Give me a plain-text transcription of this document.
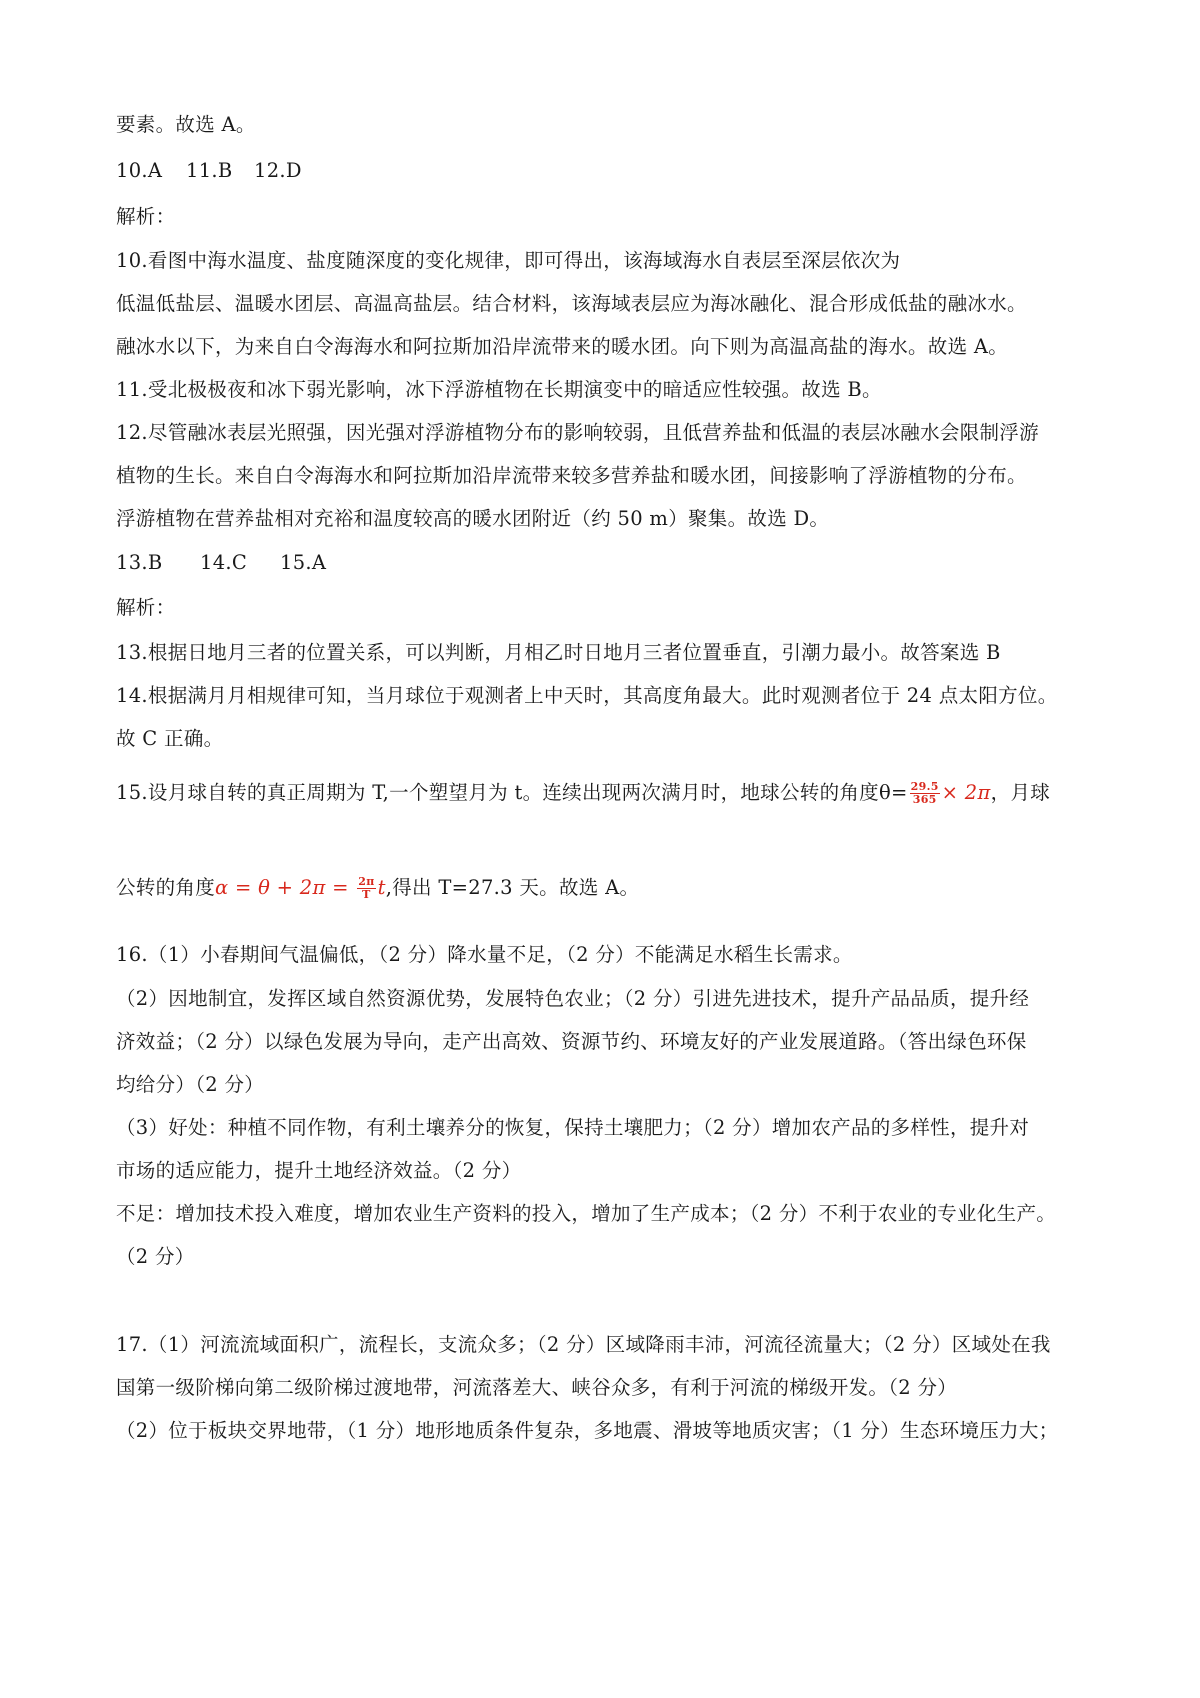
要素。故选 A。
10.A 11.B 12.D
解析：
10.看图中海水温度、盐度随深度的变化规律，即可得出，该海域海水自表层至深层依次为
低温低盐层、温暖水团层、高温高盐层。结合材料，该海域表层应为海冰融化、混合形成低盐的融冰水。
融冰水以下，为来自白令海海水和阿拉斯加沿岸流带来的暖水团。向下则为高温高盐的海水。故选 A。
11.受北极极夜和冰下弱光影响，冰下浮游植物在长期演变中的暗适应性较强。故选 B。
12.尽管融冰表层光照强，因光强对浮游植物分布的影响较弱，且低营养盐和低温的表层冰融水会限制浮游
植物的生长。来自白令海海水和阿拉斯加沿岸流带来较多营养盐和暖水团，间接影响了浮游植物的分布。
浮游植物在营养盐相对充裕和温度较高的暖水团附近（约 50 m）聚集。故选 D。
13.B 14.C 15.A
解析：
13.根据日地月三者的位置关系，可以判断，月相乙时日地月三者位置垂直，引潮力最小。故答案选 B
14.根据满月月相规律可知，当月球位于观测者上中天时，其高度角最大。此时观测者位于 24 点太阳方位。
故 C 正确。
15.设月球自转的真正周期为 T,一个塑望月为 t。连续出现两次满月时，地球公转的角度$\theta= \frac{29.5}{365} \times 2\pi$，月球
公转的角度$\alpha = \theta + 2\pi = \frac{2\pi}{T} t$,得出 T=27.3 天。故选 A。
16.（1）小春期间气温偏低，（2 分）降水量不足，（2 分）不能满足水稻生长需求。
（2）因地制宜，发挥区域自然资源优势，发展特色农业；（2 分）引进先进技术，提升产品品质，提升经
济效益；（2 分）以绿色发展为导向，走产出高效、资源节约、环境友好的产业发展道路。（答出绿色环保
均给分）（2 分）
（3）好处：种植不同作物，有利土壤养分的恢复，保持土壤肥力；（2 分）增加农产品的多样性，提升对
市场的适应能力，提升土地经济效益。（2 分）
不足：增加技术投入难度，增加农业生产资料的投入，增加了生产成本；（2 分）不利于农业的专业化生产。
（2 分）
17.（1）河流流域面积广，流程长，支流众多；（2 分）区域降雨丰沛，河流径流量大；（2 分）区域处在我
国第一级阶梯向第二级阶梯过渡地带，河流落差大、峡谷众多，有利于河流的梯级开发。（2 分）
（2）位于板块交界地带，（1 分）地形地质条件复杂，多地震、滑坡等地质灾害；（1 分）生态环境压力大；
